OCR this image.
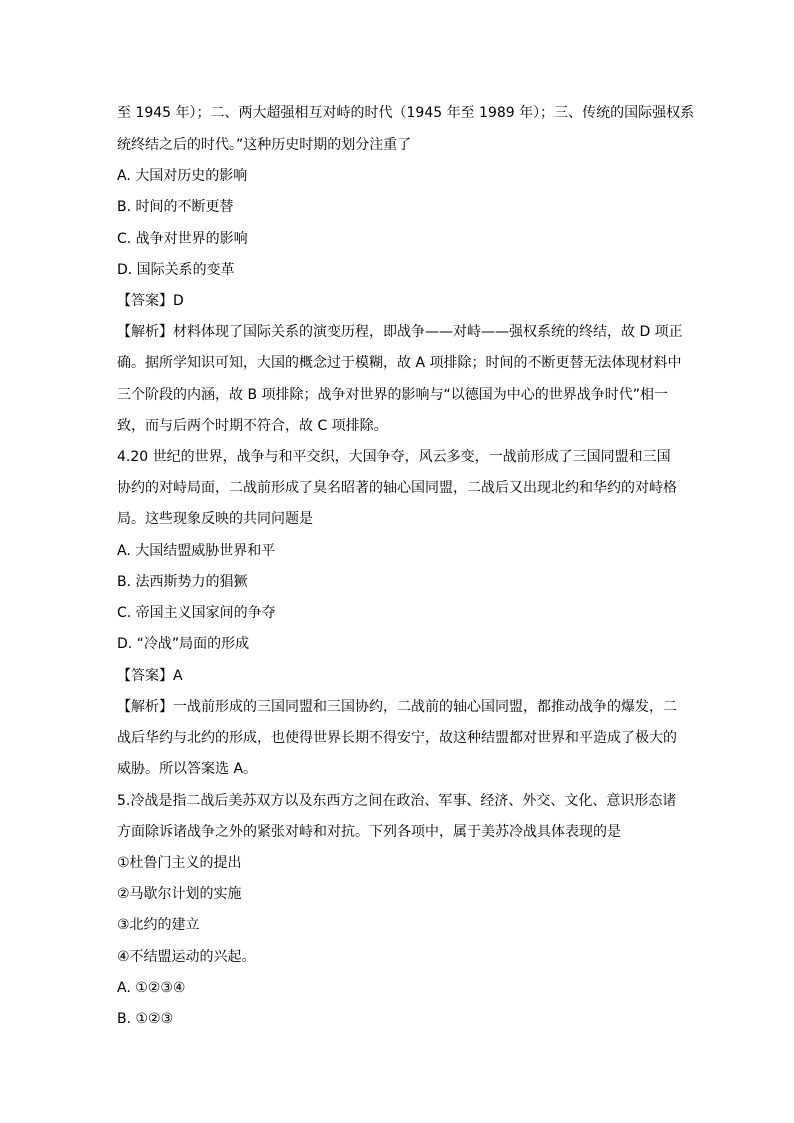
至 1945 年）；二、两大超强相互对峙的时代（1945 年至 1989 年）；三、传统的国际强权系
统终结之后的时代。”这种历史时期的划分注重了
A. 大国对历史的影响
B. 时间的不断更替
C. 战争对世界的影响
D. 国际关系的变革
【答案】D
【解析】材料体现了国际关系的演变历程，即战争——对峙——强权系统的终结，故 D 项正
确。据所学知识可知，大国的概念过于模糊，故 A 项排除；时间的不断更替无法体现材料中
三个阶段的内涵，故 B 项排除；战争对世界的影响与“以德国为中心的世界战争时代”相一
致，而与后两个时期不符合，故 C 项排除。
4.20 世纪的世界，战争与和平交织，大国争夺，风云多变，一战前形成了三国同盟和三国
协约的对峙局面，二战前形成了臭名昭著的轴心国同盟，二战后又出现北约和华约的对峙格
局。这些现象反映的共同问题是
A. 大国结盟威胁世界和平
B. 法西斯势力的猖獗
C. 帝国主义国家间的争夺
D. “冷战”局面的形成
【答案】A
【解析】一战前形成的三国同盟和三国协约，二战前的轴心国同盟，都推动战争的爆发，二
战后华约与北约的形成，也使得世界长期不得安宁，故这种结盟都对世界和平造成了极大的
威胁。所以答案选 A。
5.冷战是指二战后美苏双方以及东西方之间在政治、军事、经济、外交、文化、意识形态诸
方面除诉诸战争之外的紧张对峙和对抗。下列各项中，属于美苏冷战具体表现的是
①杜鲁门主义的提出
②马歇尔计划的实施
③北约的建立
④不结盟运动的兴起。
A. ①②③④
B. ①②③
